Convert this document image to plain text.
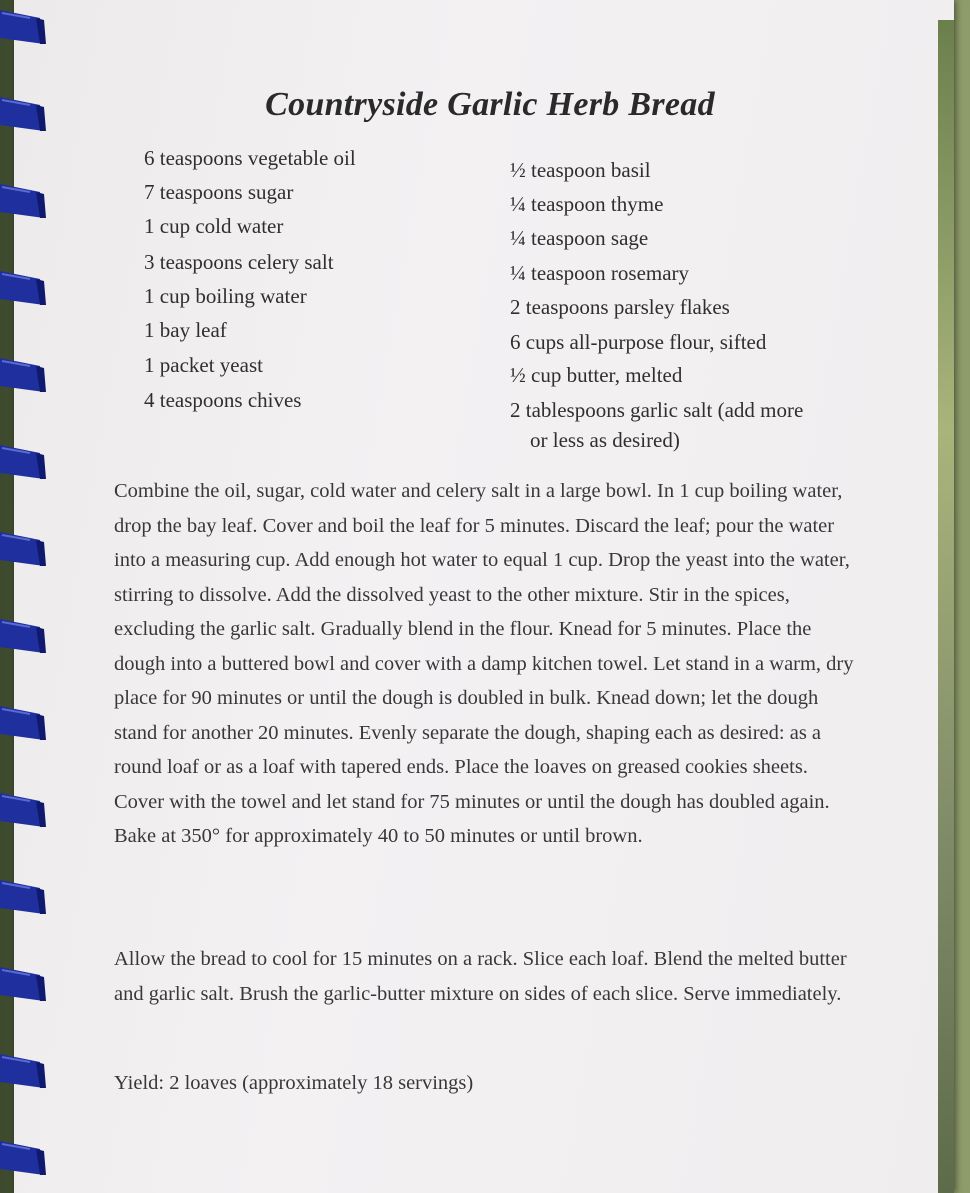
Countryside Garlic Herb Bread
6 teaspoons vegetable oil
7 teaspoons sugar
1 cup cold water
3 teaspoons celery salt
1 cup boiling water
1 bay leaf
1 packet yeast
4 teaspoons chives
½ teaspoon basil
¼ teaspoon thyme
¼ teaspoon sage
¼ teaspoon rosemary
2 teaspoons parsley flakes
6 cups all-purpose flour, sifted
½ cup butter, melted
2 tablespoons garlic salt (add more
or less as desired)

Combine the oil, sugar, cold water and celery salt in a large bowl. In 1 cup boiling water, drop the bay leaf. Cover and boil the leaf for 5 minutes. Discard the leaf; pour the water into a measuring cup. Add enough hot water to equal 1 cup. Drop the yeast into the water, stirring to dissolve. Add the dissolved yeast to the other mixture. Stir in the spices, excluding the garlic salt. Gradually blend in the flour. Knead for 5 minutes. Place the dough into a buttered bowl and cover with a damp kitchen towel. Let stand in a warm, dry place for 90 minutes or until the dough is doubled in bulk. Knead down; let the dough stand for another 20 minutes. Evenly separate the dough, shaping each as desired: as a round loaf or as a loaf with tapered ends. Place the loaves on greased cookies sheets. Cover with the towel and let stand for 75 minutes or until the dough has doubled again. Bake at 350° for approximately 40 to 50 minutes or until brown.

Allow the bread to cool for 15 minutes on a rack. Slice each loaf. Blend the melted butter and garlic salt. Brush the garlic-butter mixture on sides of each slice. Serve immediately.

Yield: 2 loaves (approximately 18 servings)
